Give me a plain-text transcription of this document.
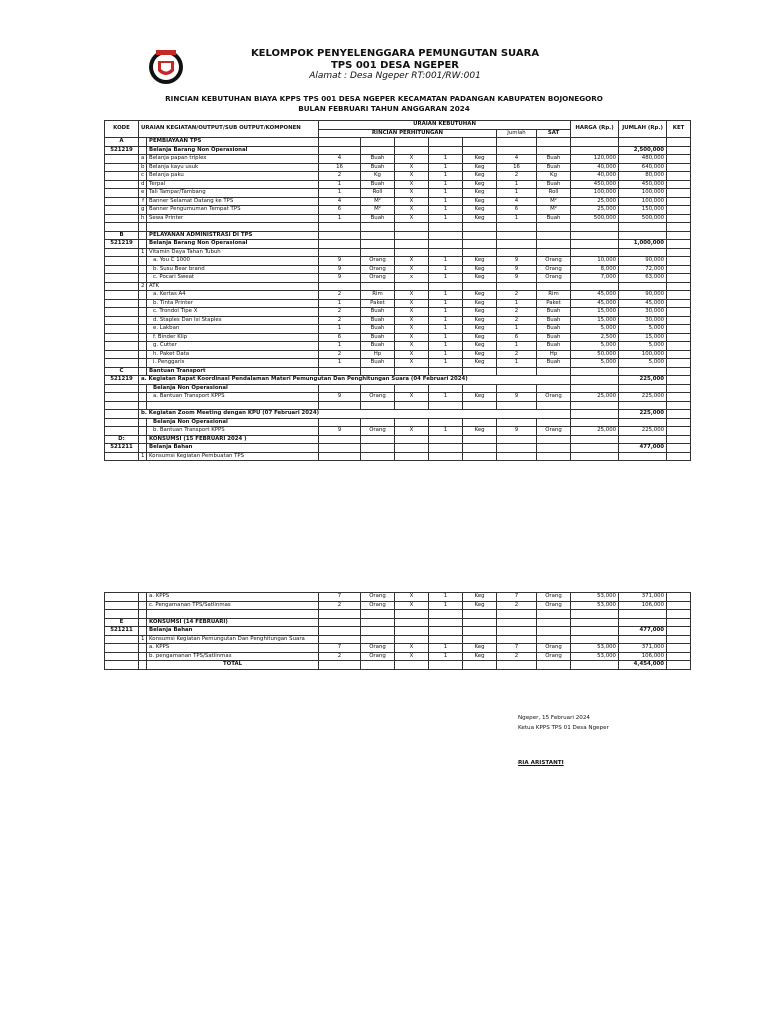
KELOMPOK PENYELENGGARA PEMUNGUTAN SUARA
TPS 001 DESA NGEPER
Alamat : Desa Ngeper RT:001/RW:001
RINCIAN KEBUTUHAN BIAYA KPPS TPS 001 DESA NGEPER KECAMATAN PADANGAN KABUPATEN BOJONEGORO
BULAN FEBRUARI TAHUN ANGGARAN 2024
KODE	URAIAN KEGIATAN/OUTPUT/SUB OUTPUT/KOMPONEN		URAIAN KEBUTUHAN							HARGA (Rp.)	JUMLAH (Rp.)	KET
			RINCIAN PERHITUNGAN					Jumlah	SAT			
A		PEMBIAYAAN TPS										
521219		Belanja Barang Non Operasional									2,500,000	
	a	Belanja papan triplex	4	Buah	X	1	Keg	4	Buah	120,000	480,000	
	b	Belanja kayu usuk	16	Buah	X	1	Keg	16	Buah	40,000	640,000	
	c	Belanja paku	2	Kg	X	1	Keg	2	Kg	40,000	80,000	
	d	Terpal	1	Buah	X	1	Keg	1	Buah	450,000	450,000	
	e	Tali Tampar/Tambang	1	Roll	X	1	Keg	1	Roll	100,000	100,000	
	f	Banner Selamat Datang ke TPS	4	M²	X	1	Keg	4	M²	25,000	100,000	
	g	Banner Pengumuman Tempat TPS	6	M²	X	1	Keg	6	M²	25,000	150,000	
	h	Sewa Printer	1	Buah	X	1	Keg	1	Buah	500,000	500,000	

B		PELAYANAN ADMINISTRASI DI TPS										
521219		Belanja Barang Non Operasional									1,000,000	
	1	Vitamin Daya Tahan Tubuh										
		a. You C 1000	9	Orang	X	1	Keg	9	Orang	10,000	90,000	
		b. Susu Bear brand	9	Orang	X	1	Keg	9	Orang	8,000	72,000	
		c. Pocari Sweat	9	Orang	x	1	Keg	9	Orang	7,000	63,000	
	2	ATK										
		a. Kertas A4	2	Rim	X	1	Keg	2	Rim	45,000	90,000	
		b. Tinta Printer	1	Paket	X	1	Keg	1	Paket	45,000	45,000	
		c. Trondol Tipe X	2	Buah	X	1	Keg	2	Buah	15,000	30,000	
		d. Staples Dan Isi Staples	2	Buah	X	1	Keg	2	Buah	15,000	30,000	
		e. Lakban	1	Buah	X	1	Keg	1	Buah	5,000	5,000	
		f. Binder Klip	6	Buah	X	1	Keg	6	Buah	2,500	15,000	
		g. Cutter	1	Buah	X	1	Keg	1	Buah	5,000	5,000	
		h. Paket Data	2	Hp	X	1	Keg	2	Hp	50,000	100,000	
		i. Penggaris	1	Buah	X	1	Keg	1	Buah	5,000	5,000	
C		Bantuan Transport										
521219	a. Kegiatan Rapat Koordinasi Pendalaman Materi Pemungutan Dan Penghitungan Suara (04 Februari 2024)										225,000	
		Belanja Non Operasional										
		a. Bantuan Transport KPPS	9	Orang	X	1	Keg	9	Orang	25,000	225,000	

	b. Kegiatan Zoom Meeting dengan KPU (07 Februari 2024)										225,000	
		Belanja Non Operasional										
		b. Bantuan Transport KPPS	9	Orang	X	1	Keg	9	Orang	25,000	225,000	
D:		KONSUMSI (15 FEBRUARI 2024 )										
521211		Belanja Bahan									477,000	
	1	Konsumsi Kegiatan Pembuatan TPS										
		a. KPPS	7	Orang	X	1	Keg	7	Orang	53,000	371,000	
		c. Pengamanan TPS/Satlinmas	2	Orang	X	1	Keg	2	Orang	53,000	106,000	

E		KONSUMSI (14 FEBRUARI)										
521211		Belanja Bahan									477,000	
	1	Konsumsi Kegiatan Pemungutan Dan Penghitungan Suara										
		a. KPPS	7	Orang	X	1	Keg	7	Orang	53,000	371,000	
		b. pengamanan TPS/Satlinmas	2	Orang	X	1	Keg	2	Orang	53,000	106,000	
		TOTAL									4,454,000	
Ngeper, 15 Februari 2024
Ketua KPPS TPS 01 Desa Ngeper
RIA ARISTANTI
